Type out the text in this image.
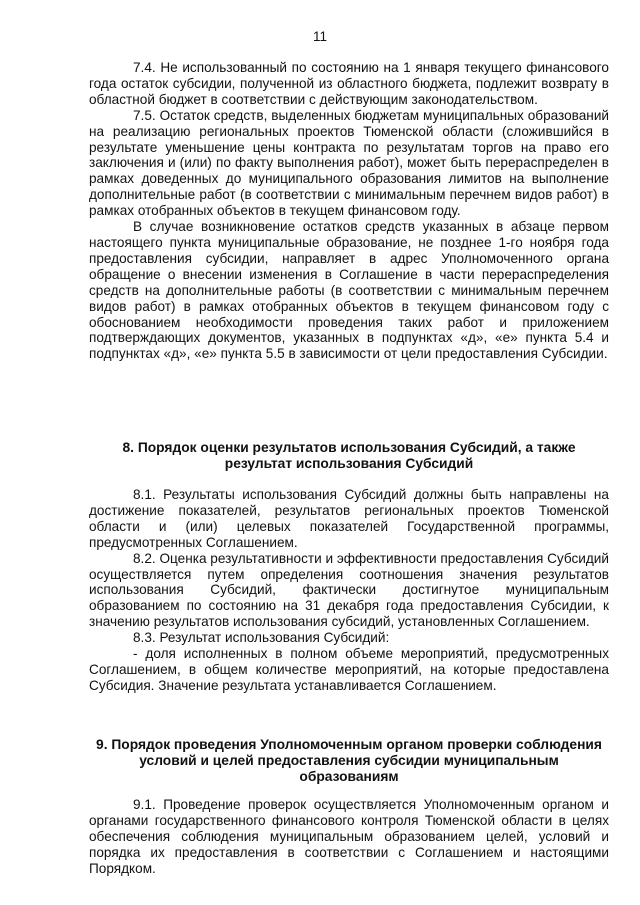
11

7.4. Не использованный по состоянию на 1 января текущего финансового года остаток субсидии, полученной из областного бюджета, подлежит возврату в областной бюджет в соответствии с действующим законодательством.

7.5. Остаток средств, выделенных бюджетам муниципальных образований на реализацию региональных проектов Тюменской области (сложившийся в результате уменьшение цены контракта по результатам торгов на право его заключения и (или) по факту выполнения работ), может быть перераспределен в рамках доведенных до муниципального образования лимитов на выполнение дополнительные работ (в соответствии с минимальным перечнем видов работ) в рамках отобранных объектов в текущем финансовом году.

В случае возникновение остатков средств указанных в абзаце первом настоящего пункта муниципальные образование, не позднее 1-го ноября года предоставления субсидии, направляет в адрес Уполномоченного органа обращение о внесении изменения в Соглашение в части перераспределения средств на дополнительные работы (в соответствии с минимальным перечнем видов работ) в рамках отобранных объектов в текущем финансовом году с обоснованием необходимости проведения таких работ и приложением подтверждающих документов, указанных в подпунктах «д», «е» пункта 5.4 и подпунктах «д», «е» пункта 5.5 в зависимости от цели предоставления Субсидии.

8. Порядок оценки результатов использования Субсидий, а также результат использования Субсидий

8.1. Результаты использования Субсидий должны быть направлены на достижение показателей, результатов региональных проектов Тюменской области и (или) целевых показателей Государственной программы, предусмотренных Соглашением.

8.2. Оценка результативности и эффективности предоставления Субсидий осуществляется путем определения соотношения значения результатов использования Субсидий, фактически достигнутое муниципальным образованием по состоянию на 31 декабря года предоставления Субсидии, к значению результатов использования субсидий, установленных Соглашением.

8.3. Результат использования Субсидий:

- доля исполненных в полном объеме мероприятий, предусмотренных Соглашением, в общем количестве мероприятий, на которые предоставлена Субсидия. Значение результата устанавливается Соглашением.

9. Порядок проведения Уполномоченным органом проверки соблюдения условий и целей предоставления субсидии муниципальным образованиям

9.1. Проведение проверок осуществляется Уполномоченным органом и органами государственного финансового контроля Тюменской области в целях обеспечения соблюдения муниципальным образованием целей, условий и порядка их предоставления в соответствии с Соглашением и настоящими Порядком.
